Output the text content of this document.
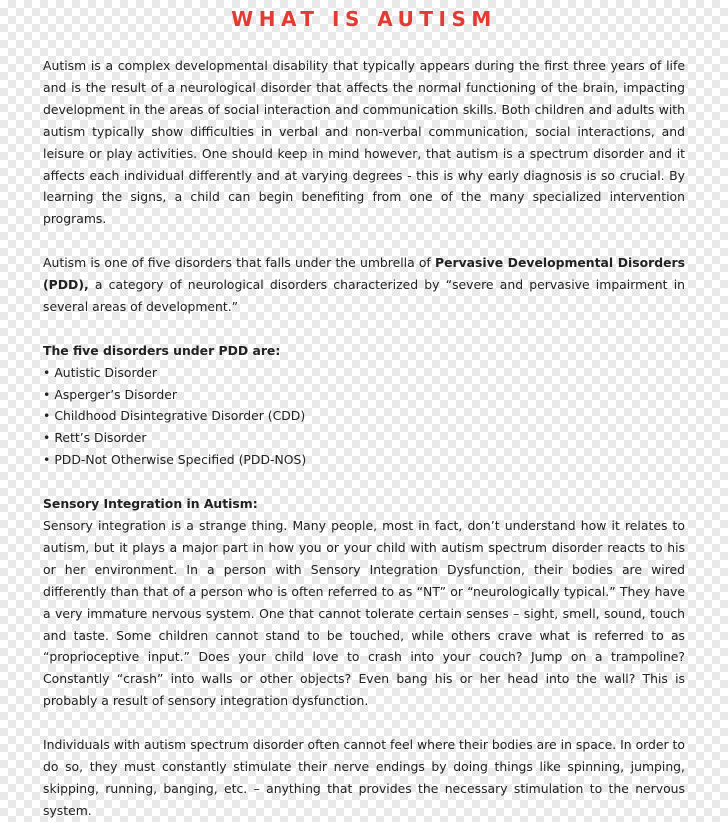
WHAT IS AUTISM

Autism is a complex developmental disability that typically appears during the first three years of life and is the result of a neurological disorder that affects the normal functioning of the brain, impacting development in the areas of social interaction and communication skills. Both children and adults with autism typically show difficulties in verbal and non-verbal communication, social interactions, and leisure or play activities. One should keep in mind however, that autism is a spectrum disorder and it affects each individual differently and at varying degrees - this is why early diagnosis is so crucial. By learning the signs, a child can begin benefiting from one of the many specialized intervention programs.

Autism is one of five disorders that falls under the umbrella of Pervasive Developmental Disorders (PDD), a category of neurological disorders characterized by “severe and pervasive impairment in several areas of development.”

The five disorders under PDD are:

• Autistic Disorder
• Asperger’s Disorder
• Childhood Disintegrative Disorder (CDD)
• Rett’s Disorder
• PDD-Not Otherwise Specified (PDD-NOS)

Sensory Integration in Autism:

Sensory integration is a strange thing. Many people, most in fact, don’t understand how it relates to autism, but it plays a major part in how you or your child with autism spectrum disorder reacts to his or her environment. In a person with Sensory Integration Dysfunction, their bodies are wired differently than that of a person who is often referred to as “NT” or “neurologically typical.” They have a very immature nervous system. One that cannot tolerate certain senses – sight, smell, sound, touch and taste. Some children cannot stand to be touched, while others crave what is referred to as “proprioceptive input.” Does your child love to crash into your couch? Jump on a trampoline? Constantly “crash” into walls or other objects? Even bang his or her head into the wall? This is probably a result of sensory integration dysfunction.

Individuals with autism spectrum disorder often cannot feel where their bodies are in space. In order to do so, they must constantly stimulate their nerve endings by doing things like spinning, jumping, skipping, running, banging, etc. – anything that provides the necessary stimulation to the nervous system.
